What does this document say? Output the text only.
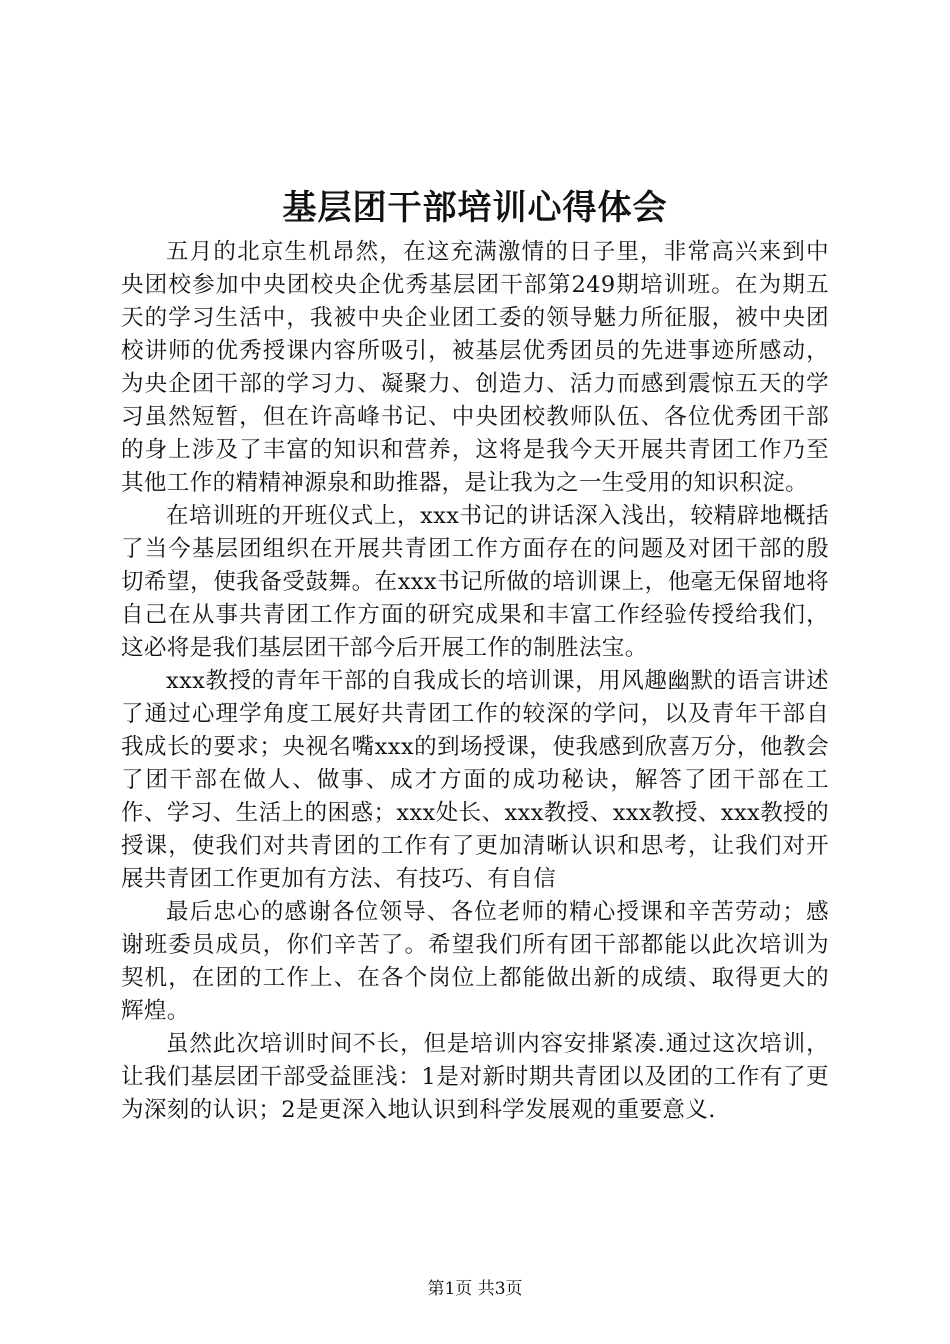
基层团干部培训心得体会

五月的北京生机昂然，在这充满激情的日子里，非常高兴来到中央团校参加中央团校央企优秀基层团干部第249期培训班。在为期五天的学习生活中，我被中央企业团工委的领导魅力所征服，被中央团校讲师的优秀授课内容所吸引，被基层优秀团员的先进事迹所感动，为央企团干部的学习力、凝聚力、创造力、活力而感到震惊五天的学习虽然短暂，但在许高峰书记、中央团校教师队伍、各位优秀团干部的身上涉及了丰富的知识和营养，这将是我今天开展共青团工作乃至其他工作的精精神源泉和助推器，是让我为之一生受用的知识积淀。

在培训班的开班仪式上，xxx书记的讲话深入浅出，较精辟地概括了当今基层团组织在开展共青团工作方面存在的问题及对团干部的殷切希望，使我备受鼓舞。在xxx书记所做的培训课上，他毫无保留地将自己在从事共青团工作方面的研究成果和丰富工作经验传授给我们，这必将是我们基层团干部今后开展工作的制胜法宝。

xxx教授的青年干部的自我成长的培训课，用风趣幽默的语言讲述了通过心理学角度工展好共青团工作的较深的学问，以及青年干部自我成长的要求；央视名嘴xxx的到场授课，使我感到欣喜万分，他教会了团干部在做人、做事、成才方面的成功秘诀，解答了团干部在工作、学习、生活上的困惑；xxx处长、xxx教授、xxx教授、xxx教授的授课，使我们对共青团的工作有了更加清晰认识和思考，让我们对开展共青团工作更加有方法、有技巧、有自信

最后忠心的感谢各位领导、各位老师的精心授课和辛苦劳动；感谢班委员成员，你们辛苦了。希望我们所有团干部都能以此次培训为契机，在团的工作上、在各个岗位上都能做出新的成绩、取得更大的辉煌。

虽然此次培训时间不长，但是培训内容安排紧凑.通过这次培训，让我们基层团干部受益匪浅：1是对新时期共青团以及团的工作有了更为深刻的认识；2是更深入地认识到科学发展观的重要意义.

第1页 共3页
